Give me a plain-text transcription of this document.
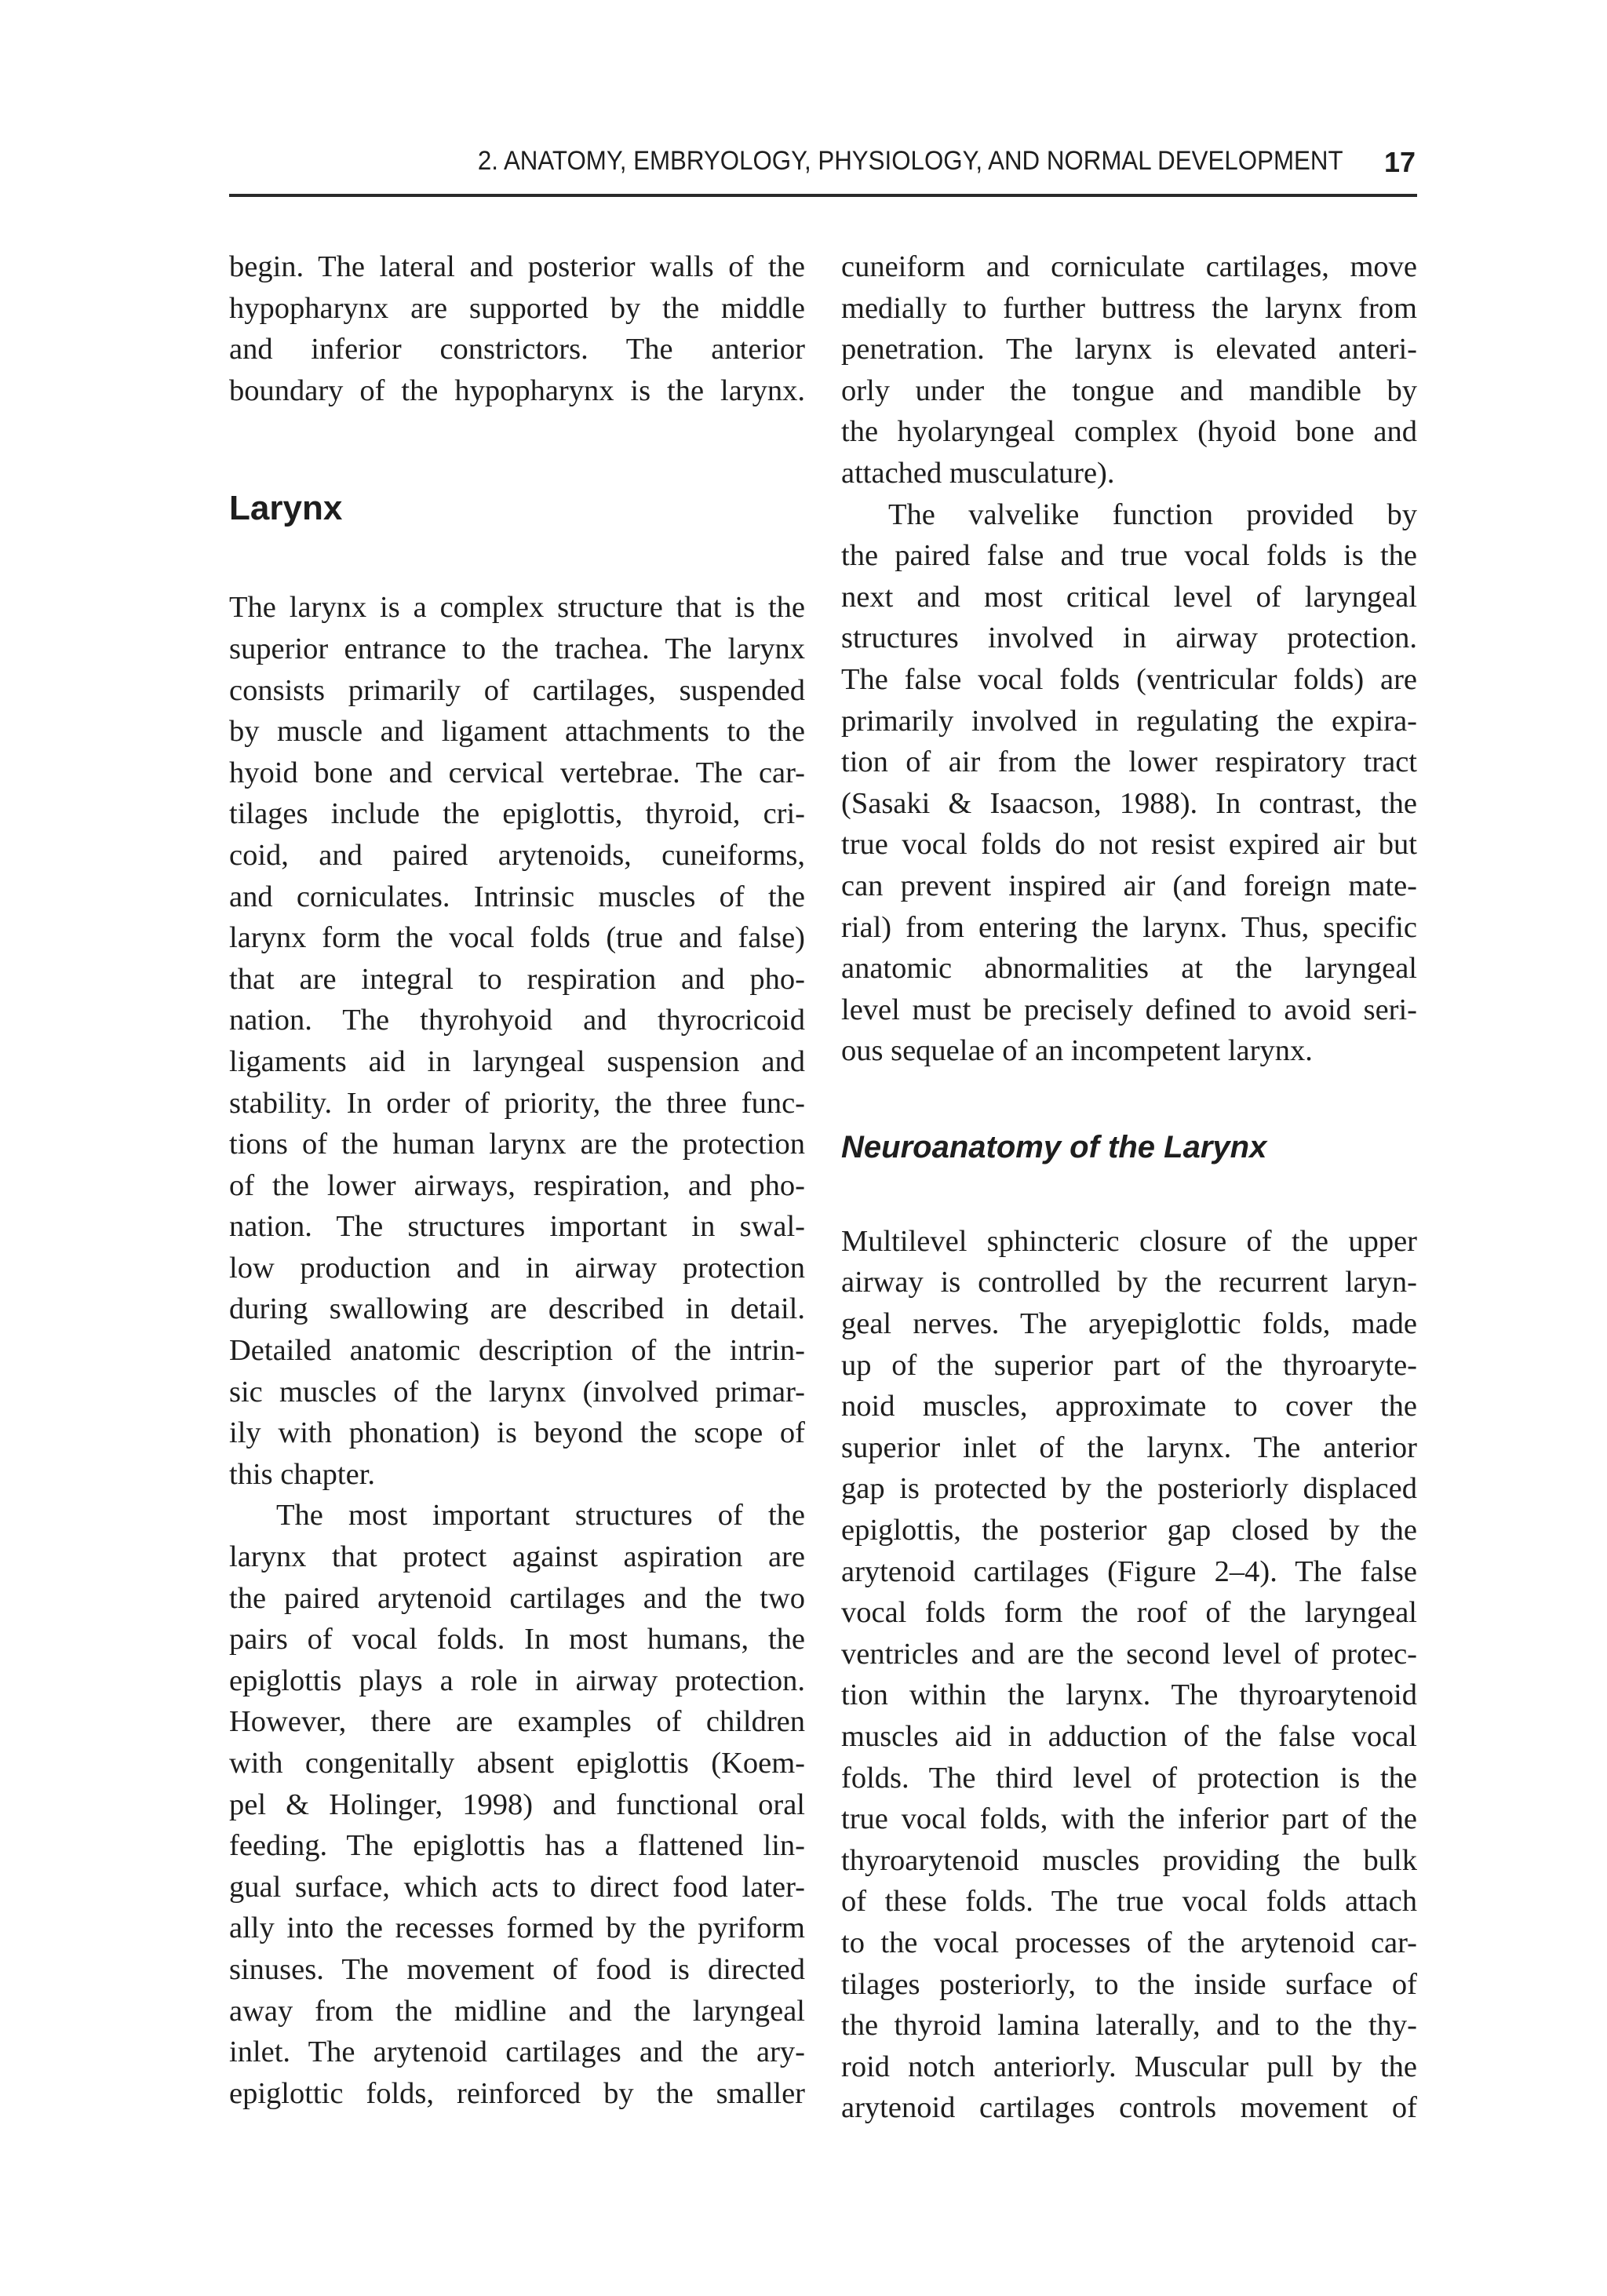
2. ANATOMY, EMBRYOLOGY, PHYSIOLOGY, AND NORMAL DEVELOPMENT 17
begin. The lateral and posterior walls of the
hypopharynx are supported by the middle
and inferior constrictors. The anterior
boundary of the hypopharynx is the larynx.
Larynx
The larynx is a complex structure that is the
superior entrance to the trachea. The larynx
consists primarily of cartilages, suspended
by muscle and ligament attachments to the
hyoid bone and cervical vertebrae. The car-
tilages include the epiglottis, thyroid, cri-
coid, and paired arytenoids, cuneiforms,
and corniculates. Intrinsic muscles of the
larynx form the vocal folds (true and false)
that are integral to respiration and pho-
nation. The thyrohyoid and thyrocricoid
ligaments aid in laryngeal suspension and
stability. In order of priority, the three func-
tions of the human larynx are the protection
of the lower airways, respiration, and pho-
nation. The structures important in swal-
low production and in airway protection
during swallowing are described in detail.
Detailed anatomic description of the intrin-
sic muscles of the larynx (involved primar-
ily with phonation) is beyond the scope of
this chapter.
The most important structures of the
larynx that protect against aspiration are
the paired arytenoid cartilages and the two
pairs of vocal folds. In most humans, the
epiglottis plays a role in airway protection.
However, there are examples of children
with congenitally absent epiglottis (Koem-
pel & Holinger, 1998) and functional oral
feeding. The epiglottis has a flattened lin-
gual surface, which acts to direct food later-
ally into the recesses formed by the pyriform
sinuses. The movement of food is directed
away from the midline and the laryngeal
inlet. The arytenoid cartilages and the ary-
epiglottic folds, reinforced by the smaller
cuneiform and corniculate cartilages, move
medially to further buttress the larynx from
penetration. The larynx is elevated anteri-
orly under the tongue and mandible by
the hyolaryngeal complex (hyoid bone and
attached musculature).
The valvelike function provided by
the paired false and true vocal folds is the
next and most critical level of laryngeal
structures involved in airway protection.
The false vocal folds (ventricular folds) are
primarily involved in regulating the expira-
tion of air from the lower respiratory tract
(Sasaki & Isaacson, 1988). In contrast, the
true vocal folds do not resist expired air but
can prevent inspired air (and foreign mate-
rial) from entering the larynx. Thus, specific
anatomic abnormalities at the laryngeal
level must be precisely defined to avoid seri-
ous sequelae of an incompetent larynx.
Neuroanatomy of the Larynx
Multilevel sphincteric closure of the upper
airway is controlled by the recurrent laryn-
geal nerves. The aryepiglottic folds, made
up of the superior part of the thyroaryte-
noid muscles, approximate to cover the
superior inlet of the larynx. The anterior
gap is protected by the posteriorly displaced
epiglottis, the posterior gap closed by the
arytenoid cartilages (Figure 2–4). The false
vocal folds form the roof of the laryngeal
ventricles and are the second level of protec-
tion within the larynx. The thyroarytenoid
muscles aid in adduction of the false vocal
folds. The third level of protection is the
true vocal folds, with the inferior part of the
thyroarytenoid muscles providing the bulk
of these folds. The true vocal folds attach
to the vocal processes of the arytenoid car-
tilages posteriorly, to the inside surface of
the thyroid lamina laterally, and to the thy-
roid notch anteriorly. Muscular pull by the
arytenoid cartilages controls movement of
